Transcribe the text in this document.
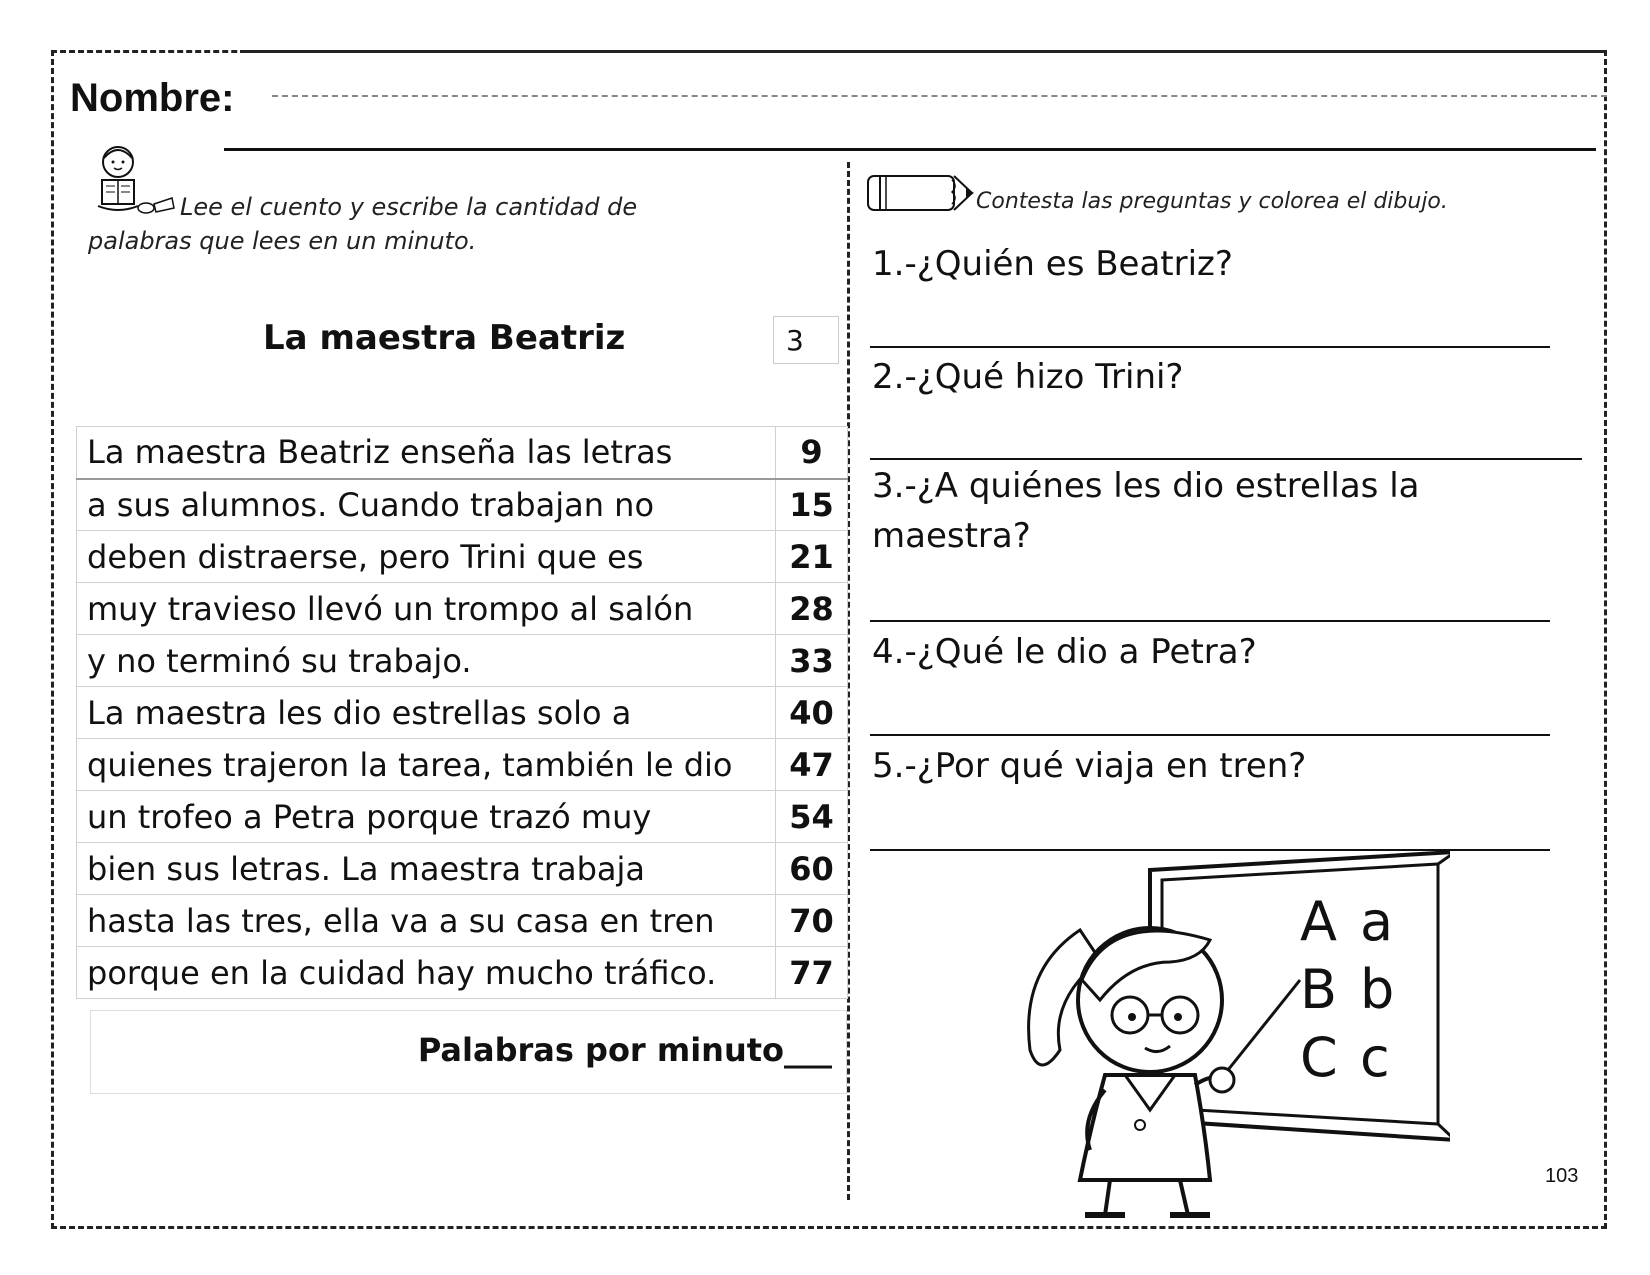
Nombre:
Lee el cuento y escribe la cantidad de
palabras que lees en un minuto.
La maestra Beatriz	3
La maestra Beatriz enseña las letras	9
a sus alumnos. Cuando trabajan no	15
deben distraerse, pero Trini que es	21
muy travieso llevó un trompo al salón	28
y no terminó su trabajo.	33
La maestra les dio estrellas solo a	40
quienes trajeron la tarea, también le dio	47
un trofeo a Petra porque trazó muy	54
bien sus letras. La maestra trabaja	60
hasta las tres, ella va a su casa en tren	70
porque en la cuidad hay mucho tráfico.	77
Palabras por minuto___
Contesta las preguntas y colorea el dibujo.
1.-¿Quién es Beatriz?
2.-¿Qué hizo Trini?
3.-¿A quiénes les dio estrellas la
maestra?
4.-¿Qué le dio a Petra?
5.-¿Por qué viaja en tren?
A a
B b
C c
103
